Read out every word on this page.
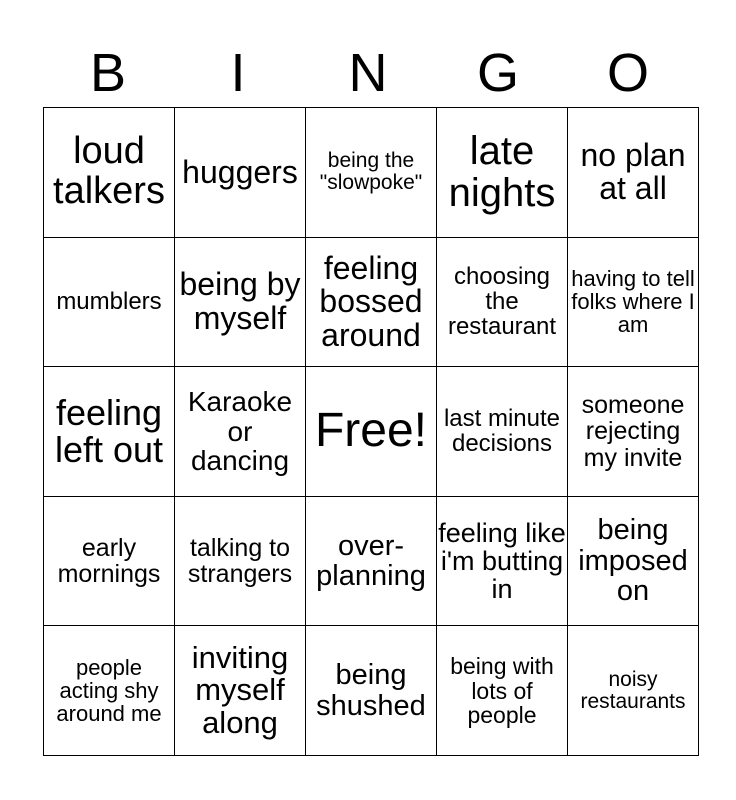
B	I	N	G	O
loud talkers	huggers	being the "slowpoke"	late nights	no plan at all

mumblers	being by myself	feeling bossed around	choosing the restaurant	having to tell folks where I am

feeling left out	Karaoke or dancing	Free!	last minute decisions	someone rejecting my invite

early mornings	talking to strangers	over-planning	feeling like i'm butting in	being imposed on

people acting shy around me	inviting myself along	being shushed	being with lots of people	noisy restaurants
